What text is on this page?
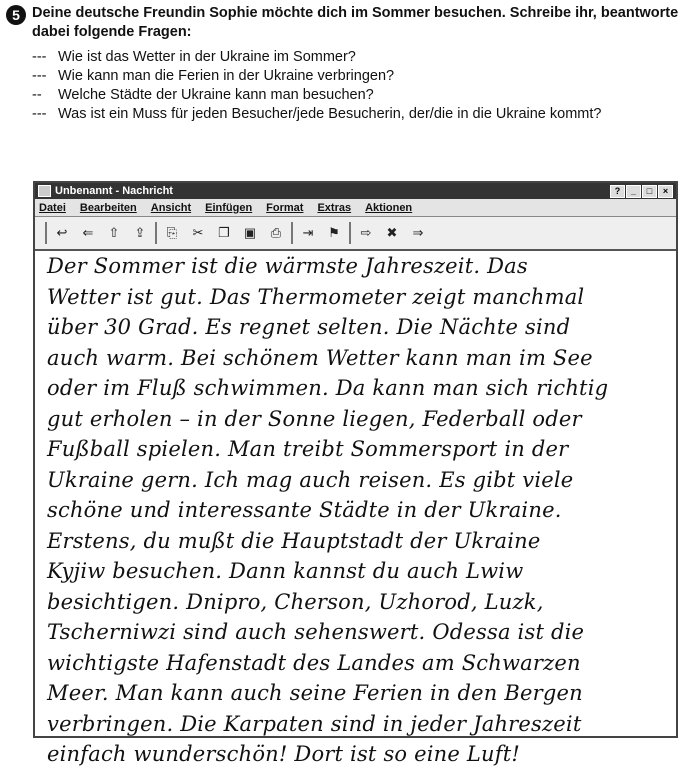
5 Deine deutsche Freundin Sophie möchte dich im Sommer besuchen. Schreibe ihr, beantworte dabei folgende Fragen:
--- Wie ist das Wetter in der Ukraine im Sommer?
--- Wie kann man die Ferien in der Ukraine verbringen?
--	Welche Städte der Ukraine kann man besuchen?
--- Was ist ein Muss für jeden Besucher/jede Besucherin, der/die in die Ukraine kommt?
Unbenannt - Nachricht	?	_	□	×
Datei Bearbeiten Ansicht Einfügen Format Extras Aktionen
↩ ⇐ ⇧ ⇪ ⎘ ✂ ❐ ▣ ⎙ ⇥ ⚑ ⇨ ✖ ⇒
Der Sommer ist die wärmste Jahreszeit. Das
Wetter ist gut. Das Thermometer zeigt manchmal
über 30 Grad. Es regnet selten. Die Nächte sind
auch warm. Bei schönem Wetter kann man im See
oder im Fluß schwimmen. Da kann man sich richtig
gut erholen – in der Sonne liegen, Federball oder
Fußball spielen. Man treibt Sommersport in der
Ukraine gern. Ich mag auch reisen. Es gibt viele
schöne und interessante Städte in der Ukraine.
Erstens, du mußt die Hauptstadt der Ukraine
Kyjiw besuchen. Dann kannst du auch Lwiw
besichtigen. Dnipro, Cherson, Uzhorod, Luzk,
Tscherniwzi sind auch sehenswert. Odessa ist die
wichtigste Hafenstadt des Landes am Schwarzen
Meer. Man kann auch seine Ferien in den Bergen
verbringen. Die Karpaten sind in jeder Jahreszeit
einfach wunderschön! Dort ist so eine Luft!
